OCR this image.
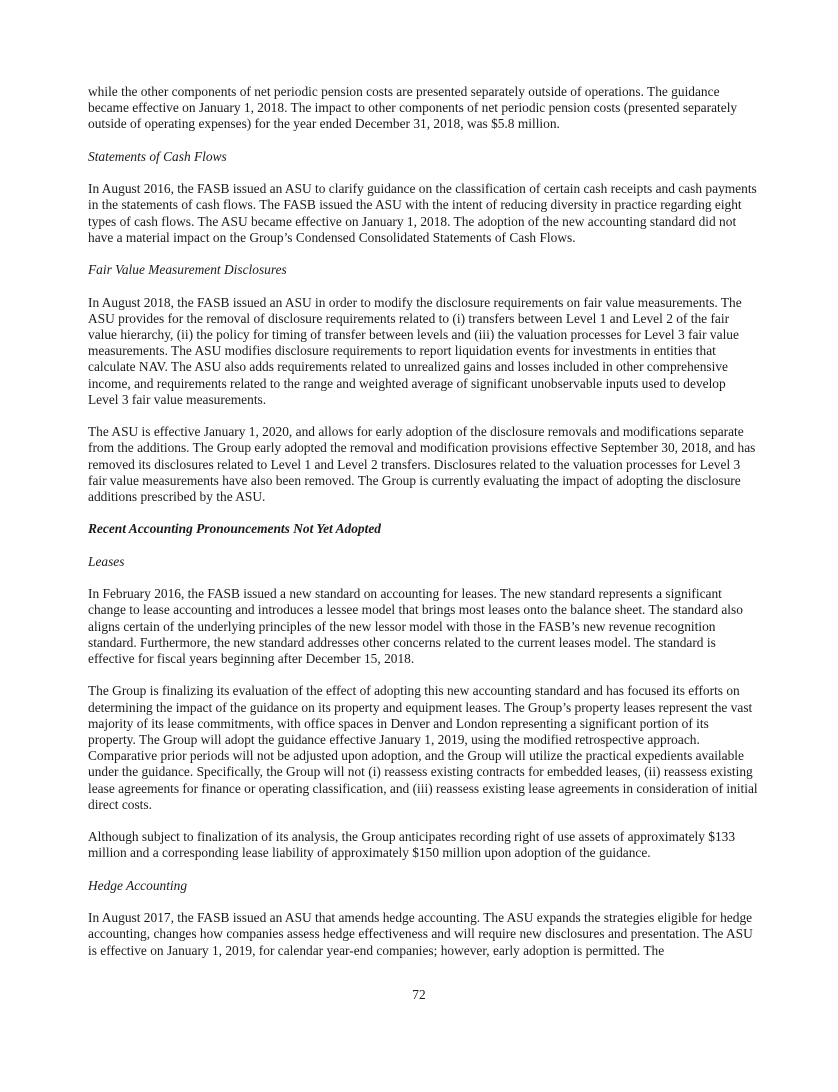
while the other components of net periodic pension costs are presented separately outside of operations. The guidance became effective on January 1, 2018. The impact to other components of net periodic pension costs (presented separately outside of operating expenses) for the year ended December 31, 2018, was $5.8 million.

Statements of Cash Flows

In August 2016, the FASB issued an ASU to clarify guidance on the classification of certain cash receipts and cash payments in the statements of cash flows. The FASB issued the ASU with the intent of reducing diversity in practice regarding eight types of cash flows. The ASU became effective on January 1, 2018. The adoption of the new accounting standard did not have a material impact on the Group’s Condensed Consolidated Statements of Cash Flows.

Fair Value Measurement Disclosures

In August 2018, the FASB issued an ASU in order to modify the disclosure requirements on fair value measurements. The ASU provides for the removal of disclosure requirements related to (i) transfers between Level 1 and Level 2 of the fair value hierarchy, (ii) the policy for timing of transfer between levels and (iii) the valuation processes for Level 3 fair value measurements. The ASU modifies disclosure requirements to report liquidation events for investments in entities that calculate NAV. The ASU also adds requirements related to unrealized gains and losses included in other comprehensive income, and requirements related to the range and weighted average of significant unobservable inputs used to develop Level 3 fair value measurements.

The ASU is effective January 1, 2020, and allows for early adoption of the disclosure removals and modifications separate from the additions. The Group early adopted the removal and modification provisions effective September 30, 2018, and has removed its disclosures related to Level 1 and Level 2 transfers. Disclosures related to the valuation processes for Level 3 fair value measurements have also been removed. The Group is currently evaluating the impact of adopting the disclosure additions prescribed by the ASU.

Recent Accounting Pronouncements Not Yet Adopted
Leases

In February 2016, the FASB issued a new standard on accounting for leases. The new standard represents a significant change to lease accounting and introduces a lessee model that brings most leases onto the balance sheet. The standard also aligns certain of the underlying principles of the new lessor model with those in the FASB’s new revenue recognition standard. Furthermore, the new standard addresses other concerns related to the current leases model. The standard is effective for fiscal years beginning after December 15, 2018.

The Group is finalizing its evaluation of the effect of adopting this new accounting standard and has focused its efforts on determining the impact of the guidance on its property and equipment leases. The Group’s property leases represent the vast majority of its lease commitments, with office spaces in Denver and London representing a significant portion of its property. The Group will adopt the guidance effective January 1, 2019, using the modified retrospective approach. Comparative prior periods will not be adjusted upon adoption, and the Group will utilize the practical expedients available under the guidance. Specifically, the Group will not (i) reassess existing contracts for embedded leases, (ii) reassess existing lease agreements for finance or operating classification, and (iii) reassess existing lease agreements in consideration of initial direct costs.

Although subject to finalization of its analysis, the Group anticipates recording right of use assets of approximately $133 million and a corresponding lease liability of approximately $150 million upon adoption of the guidance.

Hedge Accounting

In August 2017, the FASB issued an ASU that amends hedge accounting. The ASU expands the strategies eligible for hedge accounting, changes how companies assess hedge effectiveness and will require new disclosures and presentation. The ASU is effective on January 1, 2019, for calendar year-end companies; however, early adoption is permitted. The

72
